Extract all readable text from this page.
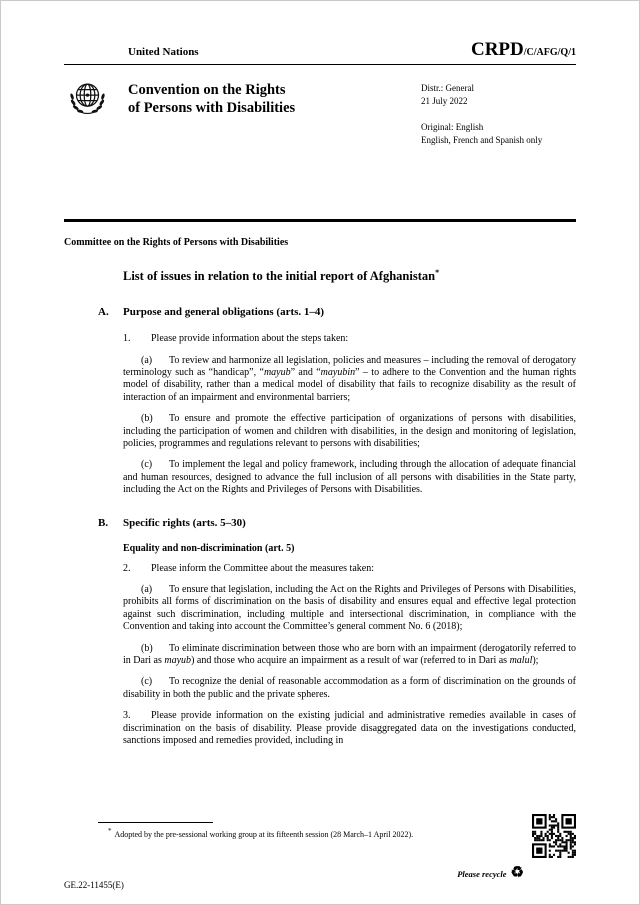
United Nations	CRPD/C/AFG/Q/1
Convention on the Rights
of Persons with Disabilities
Distr.: General
21 July 2022
Original: English
English, French and Spanish only

Committee on the Rights of Persons with Disabilities

List of issues in relation to the initial report of Afghanistan*
A. Purpose and general obligations (arts. 1–4)

1. Please provide information about the steps taken:

(a) To review and harmonize all legislation, policies and measures – including the removal of derogatory terminology such as “handicap”, “mayub” and “mayubin” – to adhere to the Convention and the human rights model of disability, rather than a medical model of disability that fails to recognize disability as the result of interaction of an impairment and environmental barriers;

(b) To ensure and promote the effective participation of organizations of persons with disabilities, including the participation of women and children with disabilities, in the design and monitoring of legislation, policies, programmes and regulations relevant to persons with disabilities;

(c) To implement the legal and policy framework, including through the allocation of adequate financial and human resources, designed to advance the full inclusion of all persons with disabilities in the State party, including the Act on the Rights and Privileges of Persons with Disabilities.

B. Specific rights (arts. 5–30)
Equality and non-discrimination (art. 5)

2. Please inform the Committee about the measures taken:

(a) To ensure that legislation, including the Act on the Rights and Privileges of Persons with Disabilities, prohibits all forms of discrimination on the basis of disability and ensures equal and effective legal protection against such discrimination, including multiple and intersectional discrimination, in compliance with the Convention and taking into account the Committee’s general comment No. 6 (2018);

(b) To eliminate discrimination between those who are born with an impairment (derogatorily referred to in Dari as mayub) and those who acquire an impairment as a result of war (referred to in Dari as malul);

(c) To recognize the denial of reasonable accommodation as a form of discrimination on the grounds of disability in both the public and the private spheres.

3. Please provide information on the existing judicial and administrative remedies available in cases of discrimination on the basis of disability. Please provide disaggregated data on the investigations conducted, sanctions imposed and remedies provided, including in

* Adopted by the pre-sessional working group at its fifteenth session (28 March–1 April 2022).

GE.22-11455(E)
Please recycle ♻
